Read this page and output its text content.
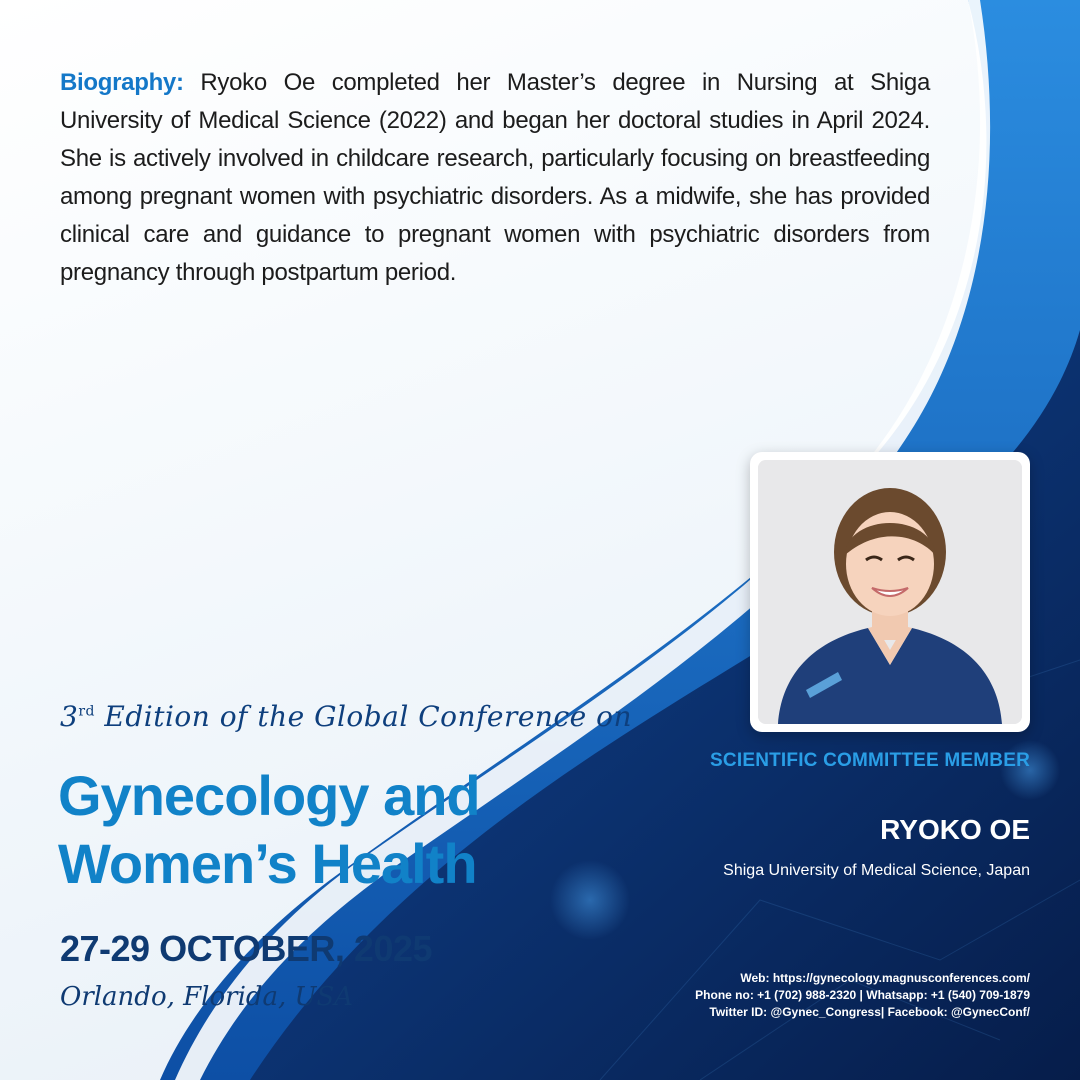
Biography: Ryoko Oe completed her Master’s degree in Nursing at Shiga University of Medical Science (2022) and began her doctoral studies in April 2024. She is actively involved in childcare research, particularly focusing on breastfeeding among pregnant women with psychiatric disorders. As a midwife, she has provided clinical care and guidance to pregnant women with psychiatric disorders from pregnancy through postpartum period.

SCIENTIFIC COMMITTEE MEMBER

RYOKO OE

Shiga University of Medical Science, Japan

3rd Edition of the Global Conference on

Gynecology and Women’s Health

27-29 OCTOBER, 2025

Orlando, Florida, USA

Web: https://gynecology.magnusconferences.com/
Phone no: +1 (702) 988-2320 | Whatsapp: +1 (540) 709-1879
Twitter ID: @Gynec_Congress| Facebook: @GynecConf/
